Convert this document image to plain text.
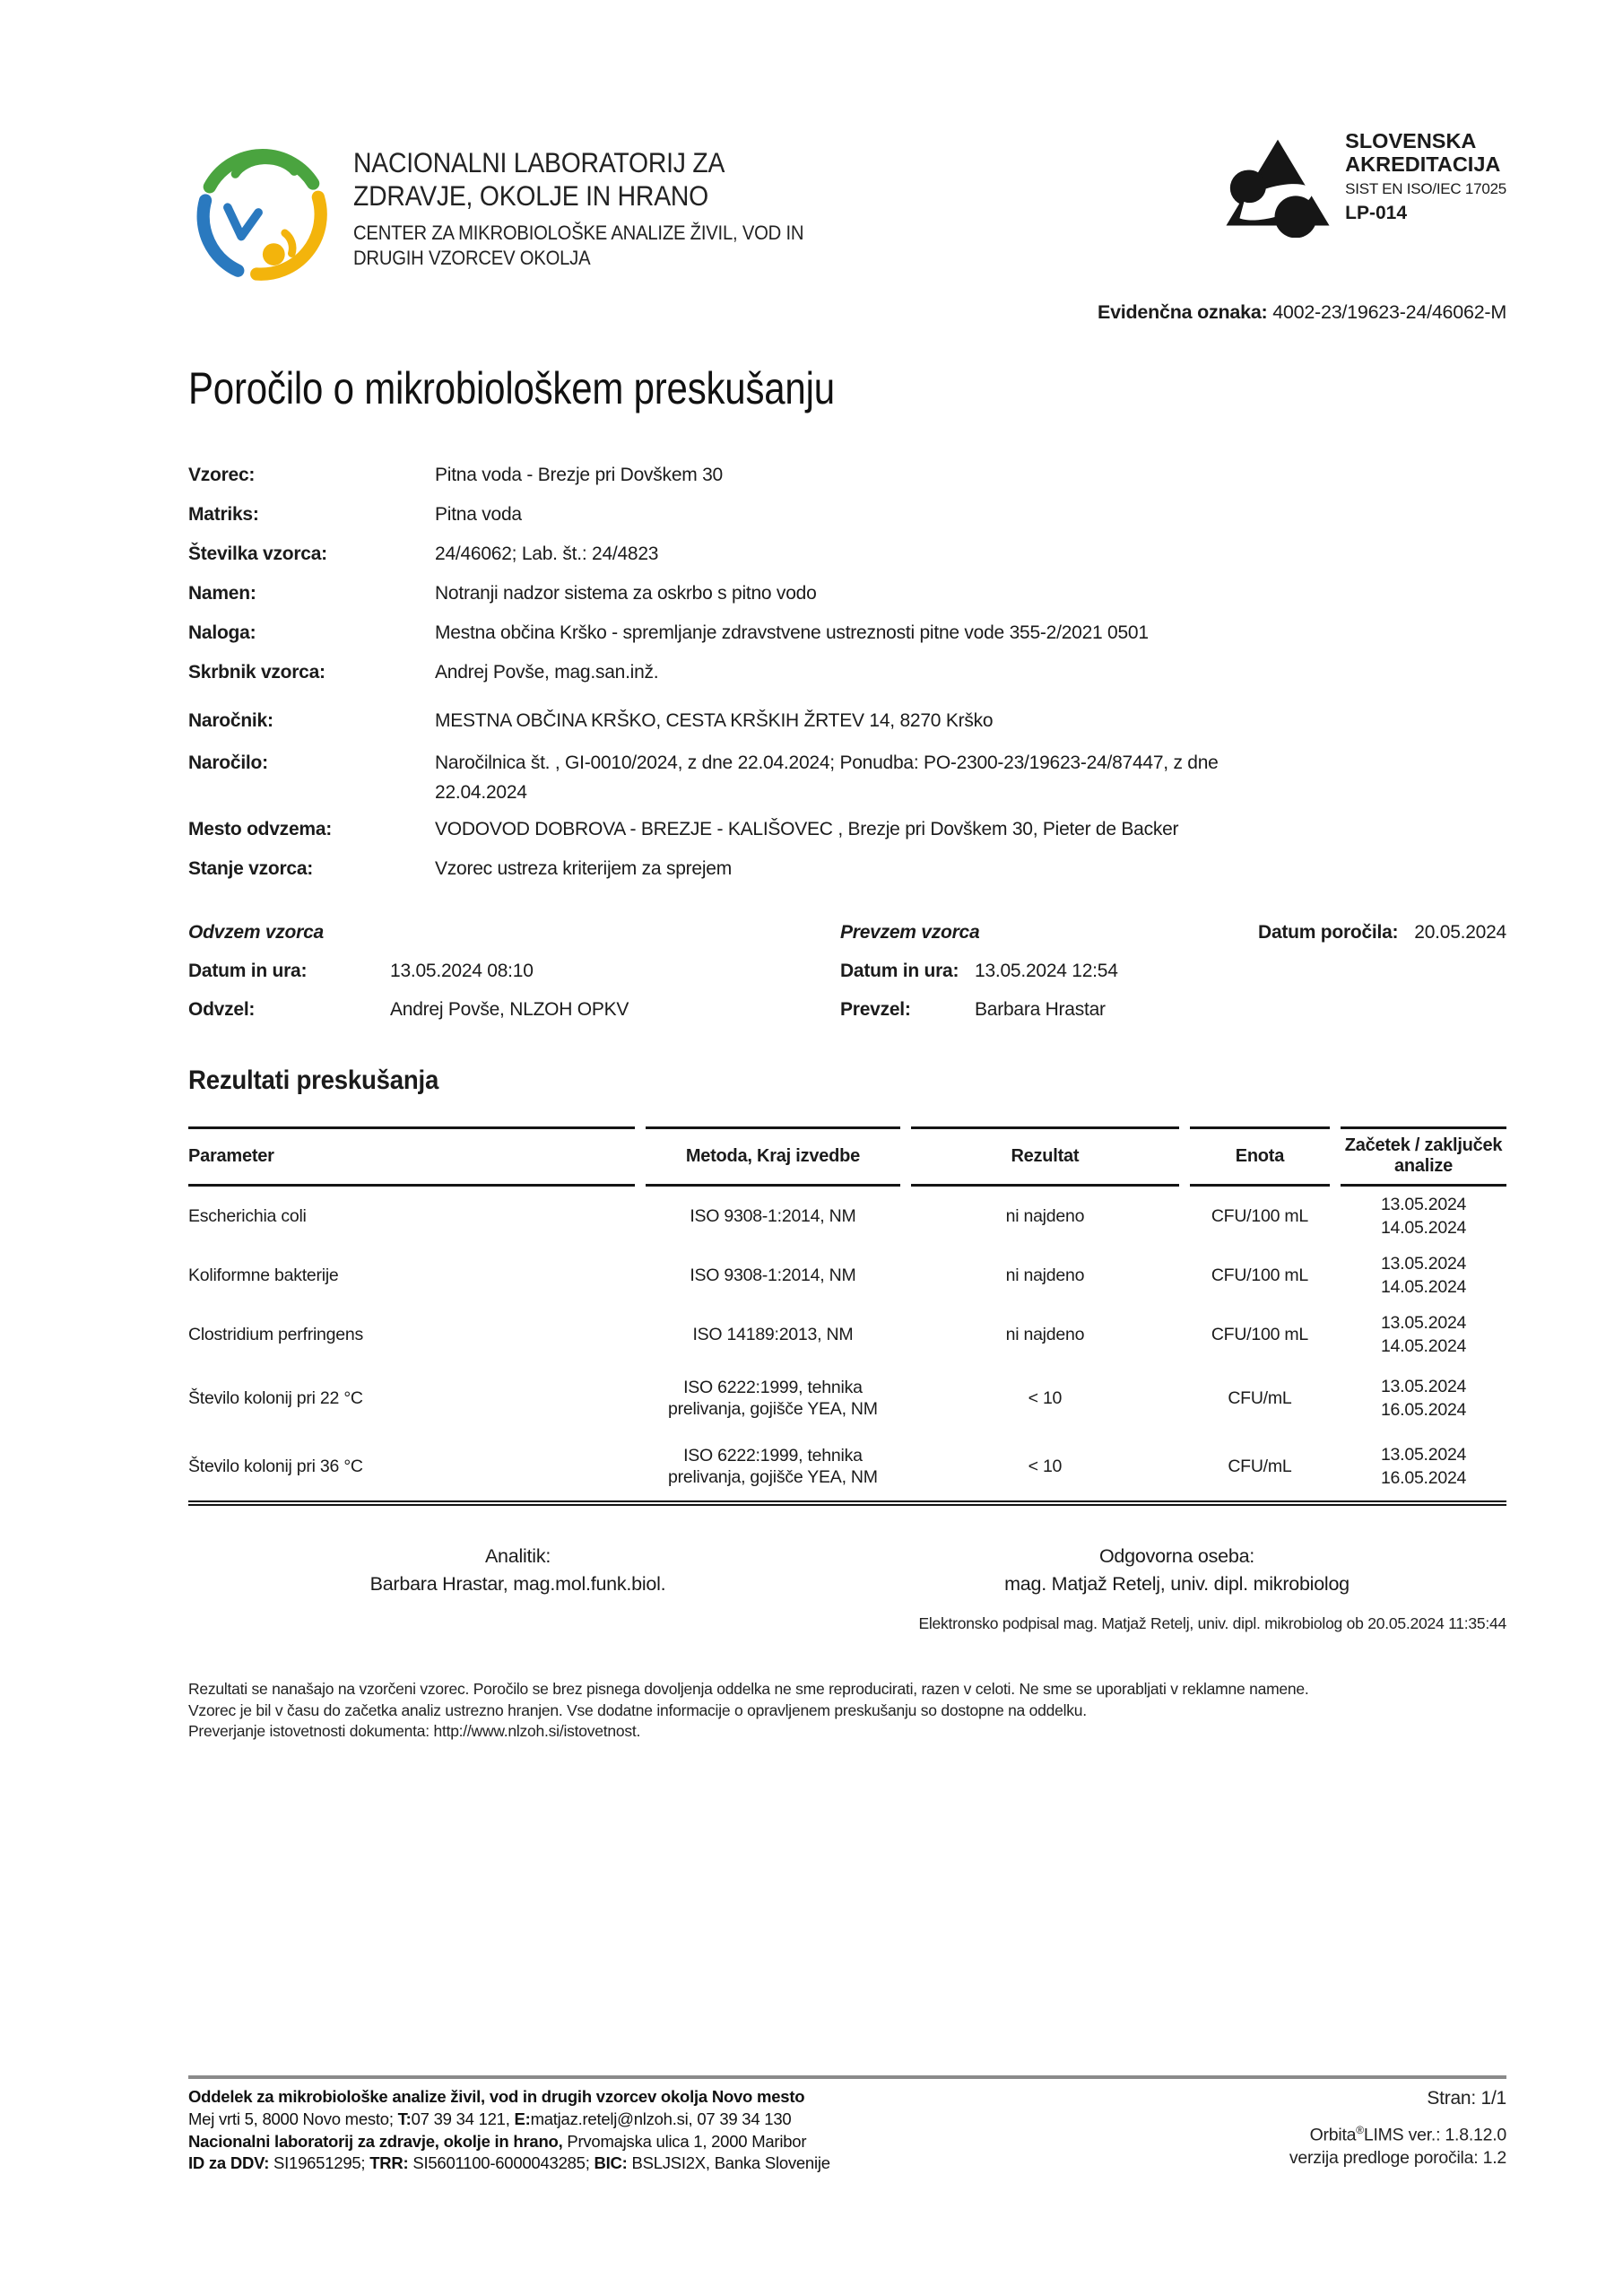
NACIONALNI LABORATORIJ ZA
ZDRAVJE, OKOLJE IN HRANO
CENTER ZA MIKROBIOLOŠKE ANALIZE ŽIVIL, VOD IN
DRUGIH VZORCEV OKOLJA
SLOVENSKA
AKREDITACIJA
SIST EN ISO/IEC 17025
LP-014
Evidenčna oznaka: 4002-23/19623-24/46062-M
Poročilo o mikrobiološkem preskušanju
Vzorec:	Pitna voda - Brezje pri Dovškem 30
Matriks:	Pitna voda
Številka vzorca:	24/46062; Lab. št.: 24/4823
Namen:	Notranji nadzor sistema za oskrbo s pitno vodo
Naloga:	Mestna občina Krško - spremljanje zdravstvene ustreznosti pitne vode 355-2/2021 0501
Skrbnik vzorca:	Andrej Povše, mag.san.inž.
Naročnik:	MESTNA OBČINA KRŠKO, CESTA KRŠKIH ŽRTEV 14, 8270 Krško
Naročilo:	Naročilnica št. , GI-0010/2024, z dne 22.04.2024; Ponudba: PO-2300-23/19623-24/87447, z dne
22.04.2024
Mesto odvzema:	VODOVOD DOBROVA - BREZJE - KALIŠOVEC , Brezje pri Dovškem 30, Pieter de Backer
Stanje vzorca:	Vzorec ustreza kriterijem za sprejem
Odvzem vzorca	Prevzem vzorca	Datum poročila: 20.05.2024
Datum in ura:	13.05.2024 08:10	Datum in ura: 13.05.2024 12:54
Odvzel:	Andrej Povše, NLZOH OPKV	Prevzel:	Barbara Hrastar
Rezultati preskušanja
Parameter	Metoda, Kraj izvedbe	Rezultat	Enota	Začetek / zaključek analize
Escherichia coli	ISO 9308-1:2014, NM	ni najdeno	CFU/100 mL	13.05.2024
14.05.2024

Koliformne bakterije	ISO 9308-1:2014, NM	ni najdeno	CFU/100 mL	13.05.2024
14.05.2024

Clostridium perfringens	ISO 14189:2013, NM	ni najdeno	CFU/100 mL	13.05.2024
14.05.2024

Število kolonij pri 22 °C	ISO 6222:1999, tehnika prelivanja, gojišče YEA, NM	< 10	CFU/mL	13.05.2024
16.05.2024

Število kolonij pri 36 °C	ISO 6222:1999, tehnika prelivanja, gojišče YEA, NM	< 10	CFU/mL	13.05.2024
16.05.2024
Analitik:
Barbara Hrastar, mag.mol.funk.biol.
Odgovorna oseba:
mag. Matjaž Retelj, univ. dipl. mikrobiolog
Elektronsko podpisal mag. Matjaž Retelj, univ. dipl. mikrobiolog ob 20.05.2024 11:35:44
Rezultati se nanašajo na vzorčeni vzorec. Poročilo se brez pisnega dovoljenja oddelka ne sme reproducirati, razen v celoti. Ne sme se uporabljati v reklamne namene.
Vzorec je bil v času do začetka analiz ustrezno hranjen. Vse dodatne informacije o opravljenem preskušanju so dostopne na oddelku.
Preverjanje istovetnosti dokumenta: http://www.nlzoh.si/istovetnost.
Oddelek za mikrobiološke analize živil, vod in drugih vzorcev okolja Novo mesto
Mej vrti 5, 8000 Novo mesto; T:07 39 34 121, E:matjaz.retelj@nlzoh.si, 07 39 34 130
Nacionalni laboratorij za zdravje, okolje in hrano, Prvomajska ulica 1, 2000 Maribor
ID za DDV: SI19651295; TRR: SI5601100-6000043285; BIC: BSLJSI2X, Banka Slovenije
Stran: 1/1
Orbita®LIMS ver.: 1.8.12.0
verzija predloge poročila: 1.2
